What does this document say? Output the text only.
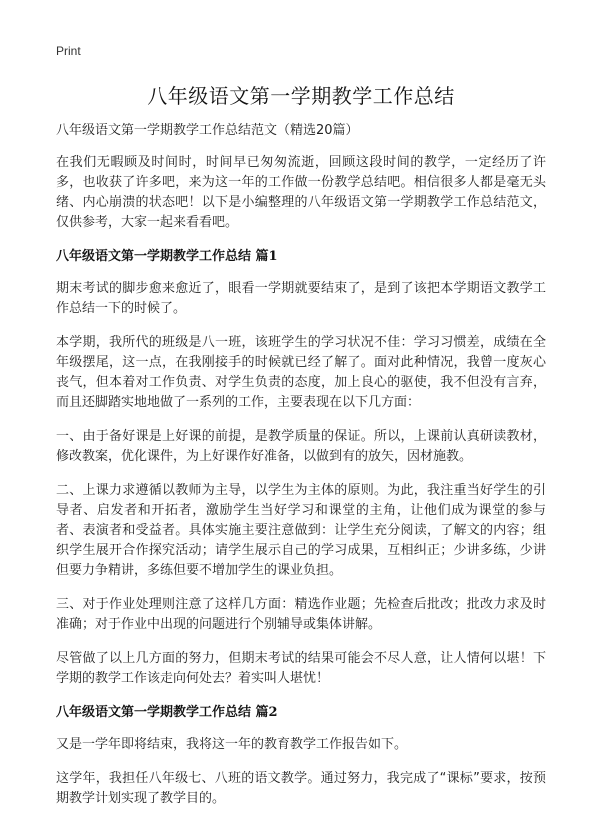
Print
八年级语文第一学期教学工作总结
八年级语文第一学期教学工作总结范文（精选20篇）

在我们无暇顾及时间时，时间早已匆匆流逝，回顾这段时间的教学，一定经历了许多，也收获了许多吧，来为这一年的工作做一份教学总结吧。相信很多人都是毫无头绪、内心崩溃的状态吧！以下是小编整理的八年级语文第一学期教学工作总结范文，仅供参考，大家一起来看看吧。

八年级语文第一学期教学工作总结 篇1

期末考试的脚步愈来愈近了，眼看一学期就要结束了，是到了该把本学期语文教学工作总结一下的时候了。

本学期，我所代的班级是八一班，该班学生的学习状况不佳：学习习惯差，成绩在全年级摆尾，这一点，在我刚接手的时候就已经了解了。面对此种情况，我曾一度灰心丧气，但本着对工作负责、对学生负责的态度，加上良心的驱使，我不但没有言弃，而且还脚踏实地地做了一系列的工作，主要表现在以下几方面：

一、由于备好课是上好课的前提，是教学质量的保证。所以，上课前认真研读教材，修改教案，优化课件，为上好课作好准备，以做到有的放矢，因材施教。

二、上课力求遵循以教师为主导，以学生为主体的原则。为此，我注重当好学生的引导者、启发者和开拓者，激励学生当好学习和课堂的主角，让他们成为课堂的参与者、表演者和受益者。具体实施主要注意做到：让学生充分阅读，了解文的内容；组织学生展开合作探究活动；请学生展示自己的学习成果，互相纠正；少讲多练，少讲但要力争精讲，多练但要不增加学生的课业负担。

三、对于作业处理则注意了这样几方面：精选作业题；先检查后批改；批改力求及时准确；对于作业中出现的问题进行个别辅导或集体讲解。

尽管做了以上几方面的努力，但期末考试的结果可能会不尽人意，让人情何以堪！下学期的教学工作该走向何处去？着实叫人堪忧！

八年级语文第一学期教学工作总结 篇2

又是一学年即将结束，我将这一年的教育教学工作报告如下。

这学年，我担任八年级七、八班的语文教学。通过努力，我完成了“课标”要求，按预期教学计划实现了教学目的。
